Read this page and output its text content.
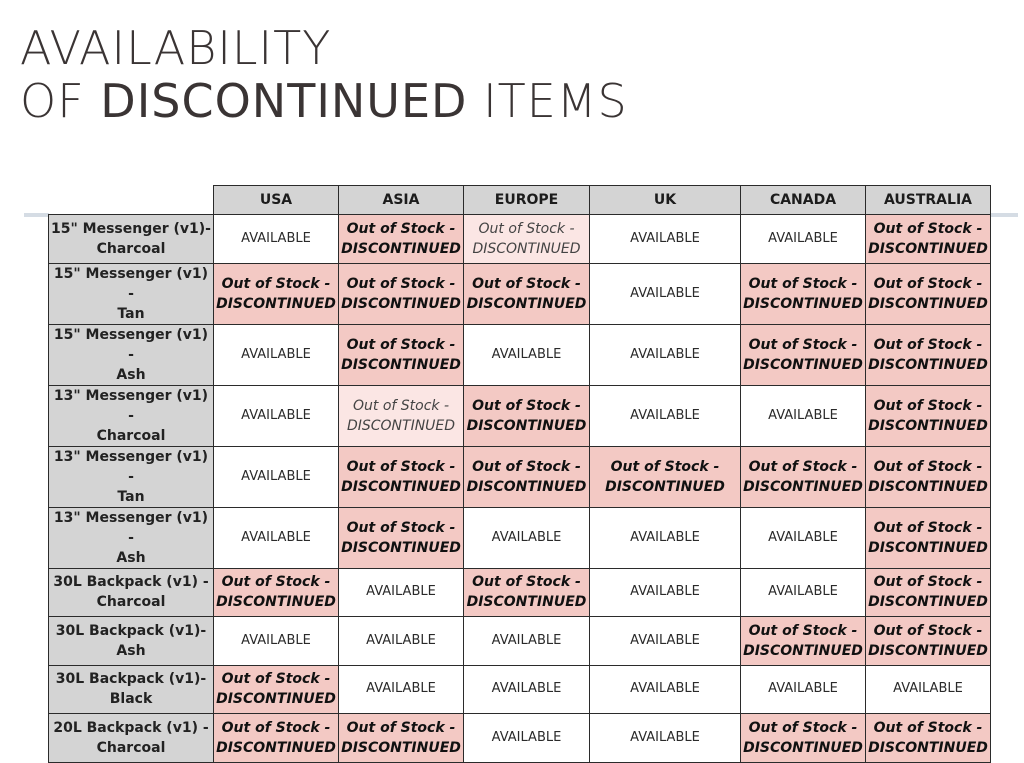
AVAILABILITY
OF DISCONTINUED ITEMS
	USA	ASIA	EUROPE	UK	CANADA	AUSTRALIA
15" Messenger (v1)-
Charcoal	AVAILABLE	Out of Stock -
DISCONTINUED	Out of Stock -
DISCONTINUED	AVAILABLE	AVAILABLE	Out of Stock -
DISCONTINUED

15" Messenger (v1) -
Tan	Out of Stock -
DISCONTINUED	Out of Stock -
DISCONTINUED	Out of Stock -
DISCONTINUED	AVAILABLE	Out of Stock -
DISCONTINUED	Out of Stock -
DISCONTINUED

15" Messenger (v1) -
Ash	AVAILABLE	Out of Stock -
DISCONTINUED	AVAILABLE	AVAILABLE	Out of Stock -
DISCONTINUED	Out of Stock -
DISCONTINUED

13" Messenger (v1) -
Charcoal	AVAILABLE	Out of Stock -
DISCONTINUED	Out of Stock -
DISCONTINUED	AVAILABLE	AVAILABLE	Out of Stock -
DISCONTINUED

13" Messenger (v1) -
Tan	AVAILABLE	Out of Stock -
DISCONTINUED	Out of Stock -
DISCONTINUED	Out of Stock -
DISCONTINUED	Out of Stock -
DISCONTINUED	Out of Stock -
DISCONTINUED

13" Messenger (v1) -
Ash	AVAILABLE	Out of Stock -
DISCONTINUED	AVAILABLE	AVAILABLE	AVAILABLE	Out of Stock -
DISCONTINUED

30L Backpack (v1) -
Charcoal	Out of Stock -
DISCONTINUED	AVAILABLE	Out of Stock -
DISCONTINUED	AVAILABLE	AVAILABLE	Out of Stock -
DISCONTINUED

30L Backpack (v1)-
Ash	AVAILABLE	AVAILABLE	AVAILABLE	AVAILABLE	Out of Stock -
DISCONTINUED	Out of Stock -
DISCONTINUED

30L Backpack (v1)-
Black	Out of Stock -
DISCONTINUED	AVAILABLE	AVAILABLE	AVAILABLE	AVAILABLE	AVAILABLE
20L Backpack (v1) -
Charcoal	Out of Stock -
DISCONTINUED	Out of Stock -
DISCONTINUED	AVAILABLE	AVAILABLE	Out of Stock -
DISCONTINUED	Out of Stock -
DISCONTINUED
